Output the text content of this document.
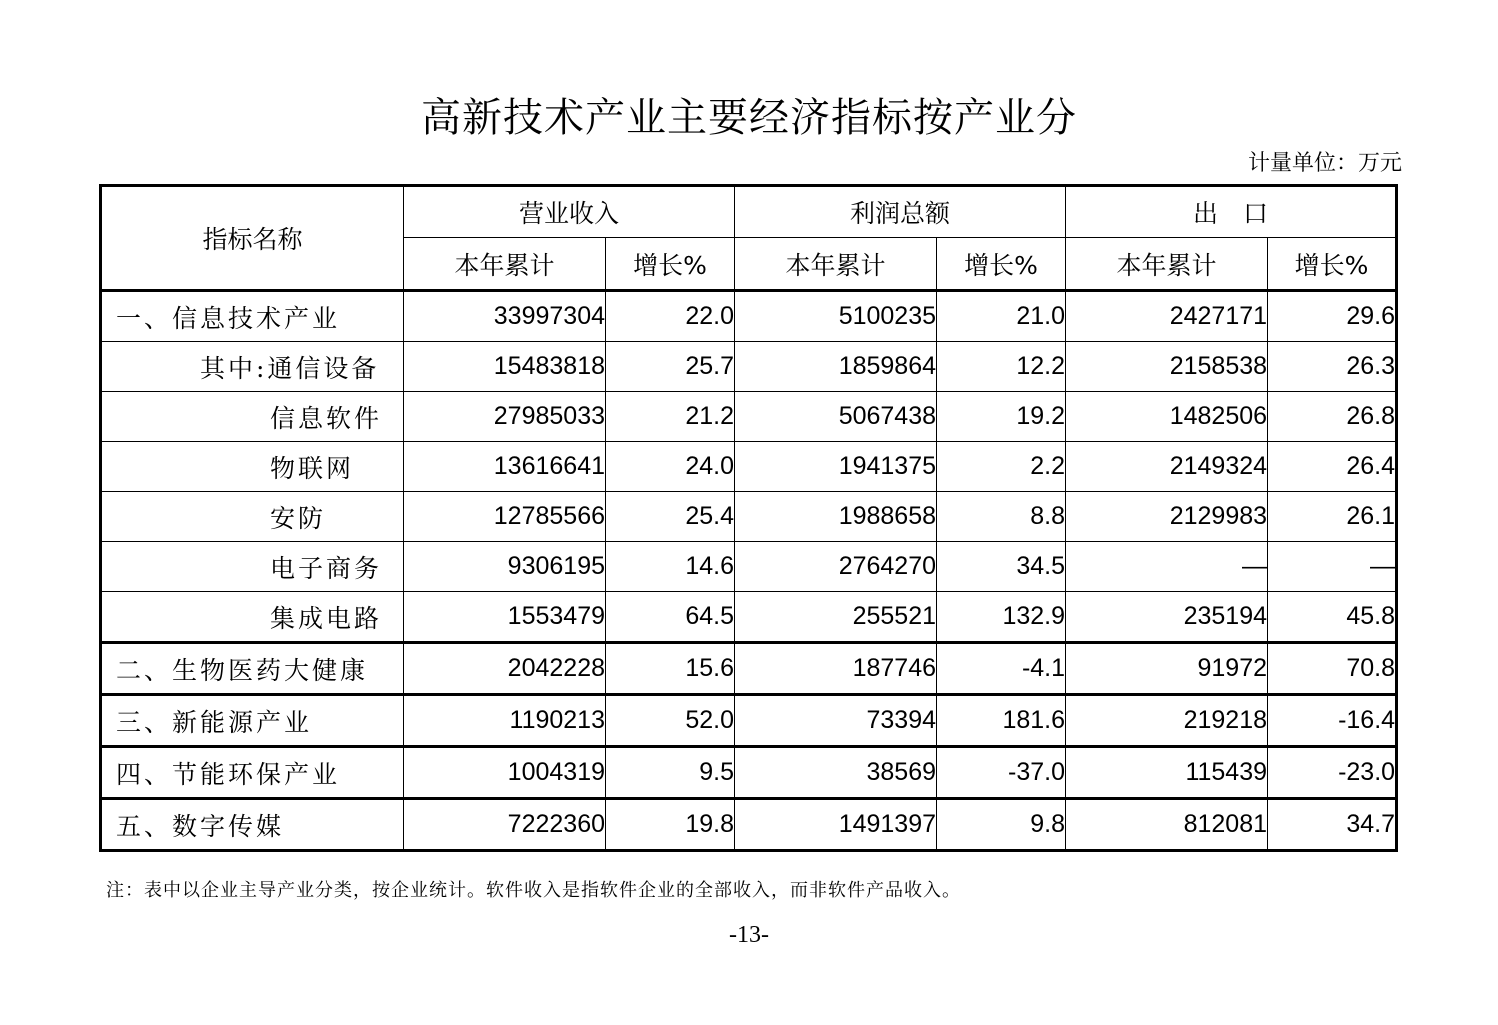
高新技术产业主要经济指标按产业分
计量单位：万元
指标名称	营业收入		利润总额		出　口	
	本年累计	增长%	本年累计	增长%	本年累计	增长%
一、信息技术产业	33997304	22.0	5100235	21.0	2427171	29.6
其中:通信设备	15483818	25.7	1859864	12.2	2158538	26.3
信息软件	27985033	21.2	5067438	19.2	1482506	26.8
物联网	13616641	24.0	1941375	2.2	2149324	26.4
安防	12785566	25.4	1988658	8.8	2129983	26.1
电子商务	9306195	14.6	2764270	34.5	—	—
集成电路	1553479	64.5	255521	132.9	235194	45.8
二、生物医药大健康	2042228	15.6	187746	-4.1	91972	70.8
三、新能源产业	1190213	52.0	73394	181.6	219218	-16.4
四、节能环保产业	1004319	9.5	38569	-37.0	115439	-23.0
五、数字传媒	7222360	19.8	1491397	9.8	812081	34.7
注：表中以企业主导产业分类，按企业统计。软件收入是指软件企业的全部收入，而非软件产品收入。
-13-
